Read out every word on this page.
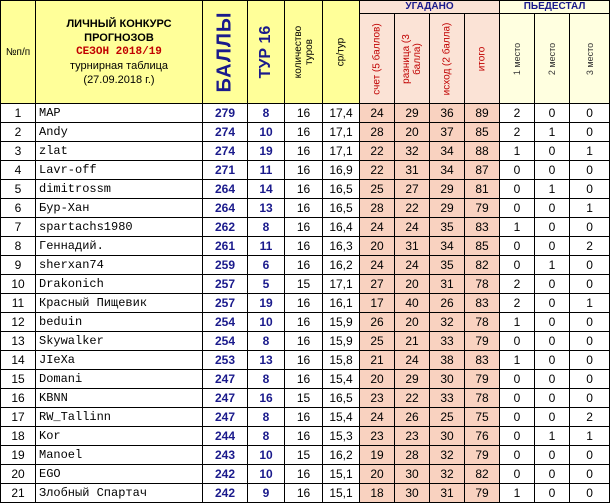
№п/п	ЛИЧНЫЙ КОНКУРС
ПРОГНОЗОВ
СЕЗОН 2018/19
турнирная таблица
(27.09.2018 г.)	БАЛЛЫ	ТУР 16	количество туров	ср/тур	УГАДАНО				ПЬЕДЕСТАЛ		

						счет (5 баллов)	разница (3 балла)	исход (2 балла)	итого	1 место	2 место	3 место

1	MAP	279	8	16	17,4	24	29	36	89	2	0	0
2	Andy	274	10	16	17,1	28	20	37	85	2	1	0
3	zlat	274	19	16	17,1	22	32	34	88	1	0	1
4	Lavr-off	271	11	16	16,9	22	31	34	87	0	0	0
5	dimitrossm	264	14	16	16,5	25	27	29	81	0	1	0
6	Бур-Хан	264	13	16	16,5	28	22	29	79	0	0	1
7	spartachs1980	262	8	16	16,4	24	24	35	83	1	0	0
8	Геннадий.	261	11	16	16,3	20	31	34	85	0	0	2
9	sherxan74	259	6	16	16,2	24	24	35	82	0	1	0
10	Drakonich	257	5	15	17,1	27	20	31	78	2	0	0
11	Красный Пищевик	257	19	16	16,1	17	40	26	83	2	0	1
12	beduin	254	10	16	15,9	26	20	32	78	1	0	0
13	Skywalker	254	8	16	15,9	25	21	33	79	0	0	0
14	JIeXa	253	13	16	15,8	21	24	38	83	1	0	0
15	Domani	247	8	16	15,4	20	29	30	79	0	0	0
16	KBNN	247	16	15	16,5	23	22	33	78	0	0	0
17	RW_Tallinn	247	8	16	15,4	24	26	25	75	0	0	2
18	Kor	244	8	16	15,3	23	23	30	76	0	1	1
19	Manoel	243	10	15	16,2	19	28	32	79	0	0	0
20	EGO	242	10	16	15,1	20	30	32	82	0	0	0
21	Злобный Спартач	242	9	16	15,1	18	30	31	79	1	0	0
